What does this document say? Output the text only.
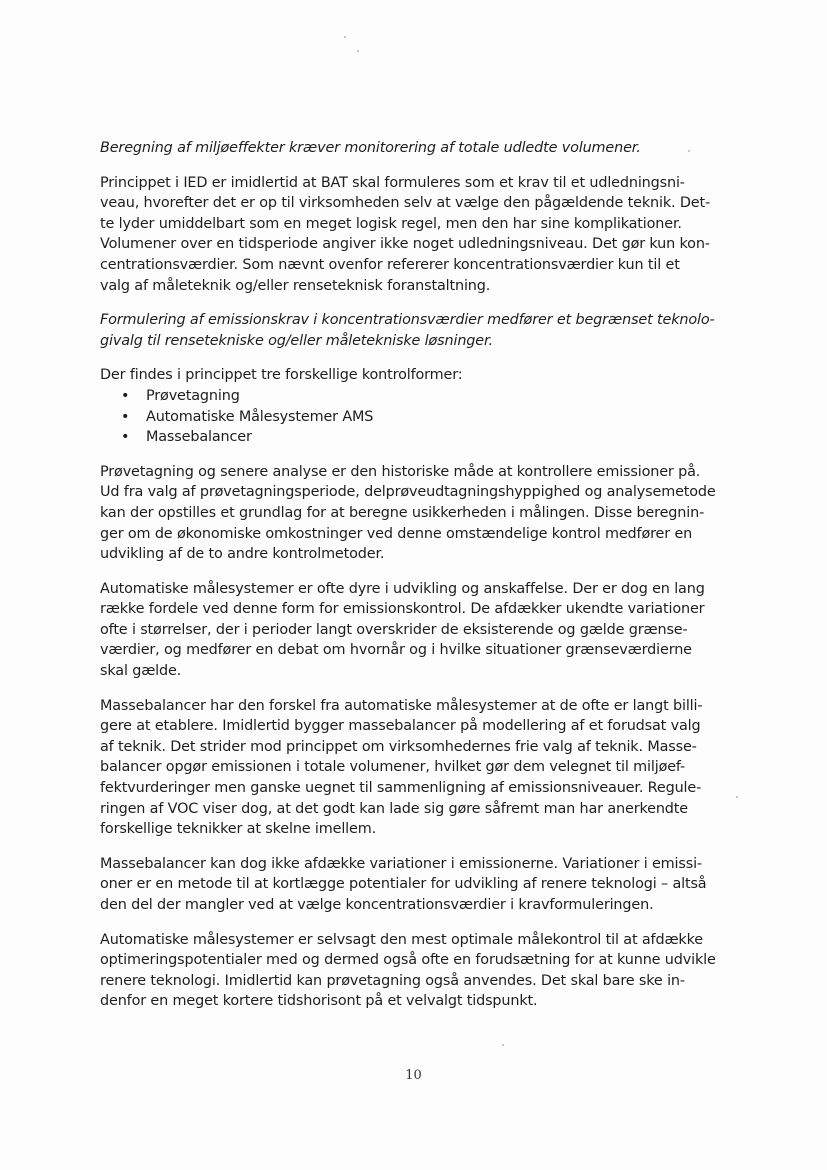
Beregning af miljøeffekter kræver monitorering af totale udledte volumener.

Princippet i IED er imidlertid at BAT skal formuleres som et krav til et udledningsni-
veau, hvorefter det er op til virksomheden selv at vælge den pågældende teknik. Det-
te lyder umiddelbart som en meget logisk regel, men den har sine komplikationer.
Volumener over en tidsperiode angiver ikke noget udledningsniveau. Det gør kun kon-
centrationsværdier. Som nævnt ovenfor refererer koncentrationsværdier kun til et
valg af måleteknik og/eller renseteknisk foranstaltning.

Formulering af emissionskrav i koncentrationsværdier medfører et begrænset teknolo-
givalg til rensetekniske og/eller måletekniske løsninger.

Der findes i princippet tre forskellige kontrolformer:

• Prøvetagning
• Automatiske Målesystemer AMS
• Massebalancer

Prøvetagning og senere analyse er den historiske måde at kontrollere emissioner på.
Ud fra valg af prøvetagningsperiode, delprøveudtagningshyppighed og analysemetode
kan der opstilles et grundlag for at beregne usikkerheden i målingen. Disse beregnin-
ger om de økonomiske omkostninger ved denne omstændelige kontrol medfører en
udvikling af de to andre kontrolmetoder.

Automatiske målesystemer er ofte dyre i udvikling og anskaffelse. Der er dog en lang
række fordele ved denne form for emissionskontrol. De afdækker ukendte variationer
ofte i størrelser, der i perioder langt overskrider de eksisterende og gælde grænse-
værdier, og medfører en debat om hvornår og i hvilke situationer grænseværdierne
skal gælde.

Massebalancer har den forskel fra automatiske målesystemer at de ofte er langt billi-
gere at etablere. Imidlertid bygger massebalancer på modellering af et forudsat valg
af teknik. Det strider mod princippet om virksomhedernes frie valg af teknik. Masse-
balancer opgør emissionen i totale volumener, hvilket gør dem velegnet til miljøef-
fektvurderinger men ganske uegnet til sammenligning af emissionsniveauer. Regule-
ringen af VOC viser dog, at det godt kan lade sig gøre såfremt man har anerkendte
forskellige teknikker at skelne imellem.

Massebalancer kan dog ikke afdække variationer i emissionerne. Variationer i emissi-
oner er en metode til at kortlægge potentialer for udvikling af renere teknologi – altså
den del der mangler ved at vælge koncentrationsværdier i kravformuleringen.

Automatiske målesystemer er selvsagt den mest optimale målekontrol til at afdække
optimeringspotentialer med og dermed også ofte en forudsætning for at kunne udvikle
renere teknologi. Imidlertid kan prøvetagning også anvendes. Det skal bare ske in-
denfor en meget kortere tidshorisont på et velvalgt tidspunkt.

10
